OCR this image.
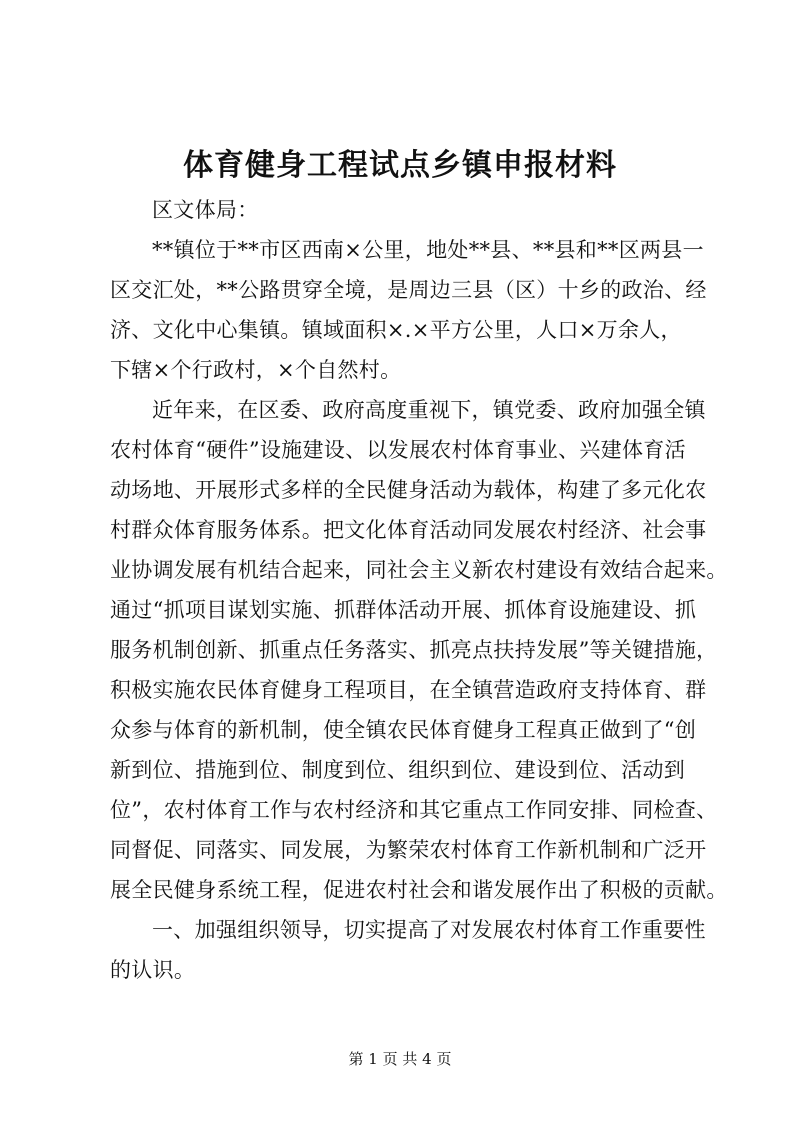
体育健身工程试点乡镇申报材料
区文体局：
**镇位于**市区西南×公里，地处**县、**县和**区两县一
区交汇处，**公路贯穿全境，是周边三县（区）十乡的政治、经
济、文化中心集镇。镇域面积×.×平方公里，人口×万余人，
下辖×个行政村，×个自然村。
近年来，在区委、政府高度重视下，镇党委、政府加强全镇
农村体育“硬件”设施建设、以发展农村体育事业、兴建体育活
动场地、开展形式多样的全民健身活动为载体，构建了多元化农
村群众体育服务体系。把文化体育活动同发展农村经济、社会事
业协调发展有机结合起来，同社会主义新农村建设有效结合起来。
通过“抓项目谋划实施、抓群体活动开展、抓体育设施建设、抓
服务机制创新、抓重点任务落实、抓亮点扶持发展”等关键措施，
积极实施农民体育健身工程项目，在全镇营造政府支持体育、群
众参与体育的新机制，使全镇农民体育健身工程真正做到了“创
新到位、措施到位、制度到位、组织到位、建设到位、活动到
位”，农村体育工作与农村经济和其它重点工作同安排、同检查、
同督促、同落实、同发展，为繁荣农村体育工作新机制和广泛开
展全民健身系统工程，促进农村社会和谐发展作出了积极的贡献。
一、加强组织领导，切实提高了对发展农村体育工作重要性
的认识。
第 1 页 共 4 页
